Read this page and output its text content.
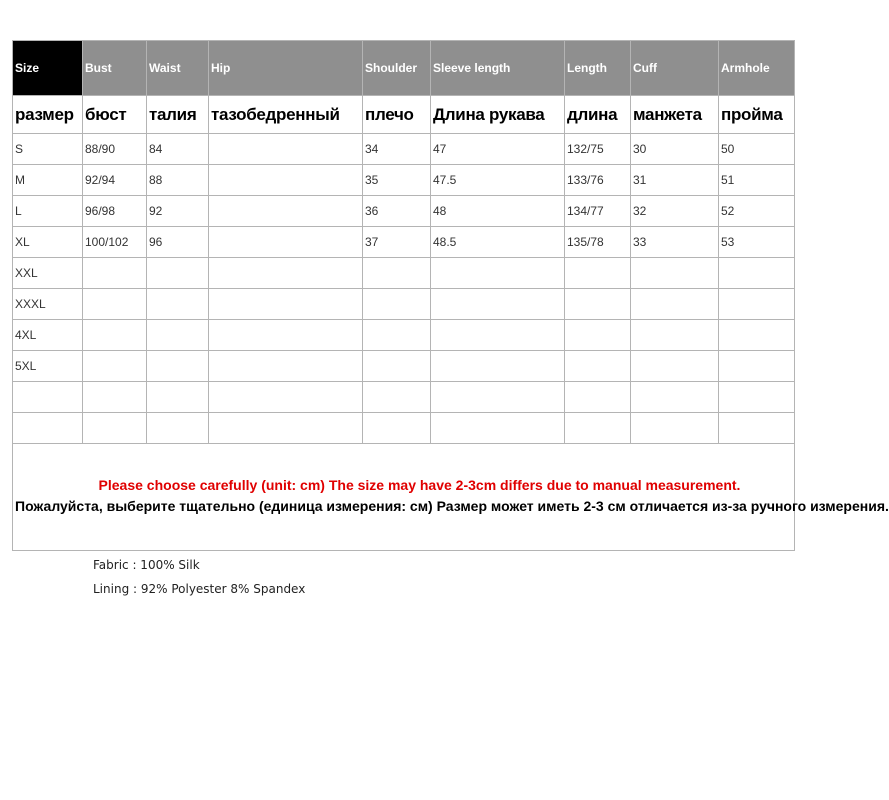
Size	Bust	Waist	Hip	Shoulder	Sleeve length	Length	Cuff	Armhole
размер	бюст	талия	тазобедренный	плечо	Длина рукава	длина	манжета	пройма
S	88/90	84		34	47	132/75	30	50
M	92/94	88		35	47.5	133/76	31	51
L	96/98	92		36	48	134/77	32	52
XL	100/102	96		37	48.5	135/78	33	53
XXL								
XXXL								
4XL								
5XL								

Please choose carefully (unit: cm) The size may have 2-3cm differs due to manual measurement.
Пожалуйста, выберите тщательно (единица измерения: см) Размер может иметь 2-3 см отличается из-за ручного измерения.								
Fabric : 100% Silk
Lining : 92% Polyester 8% Spandex
